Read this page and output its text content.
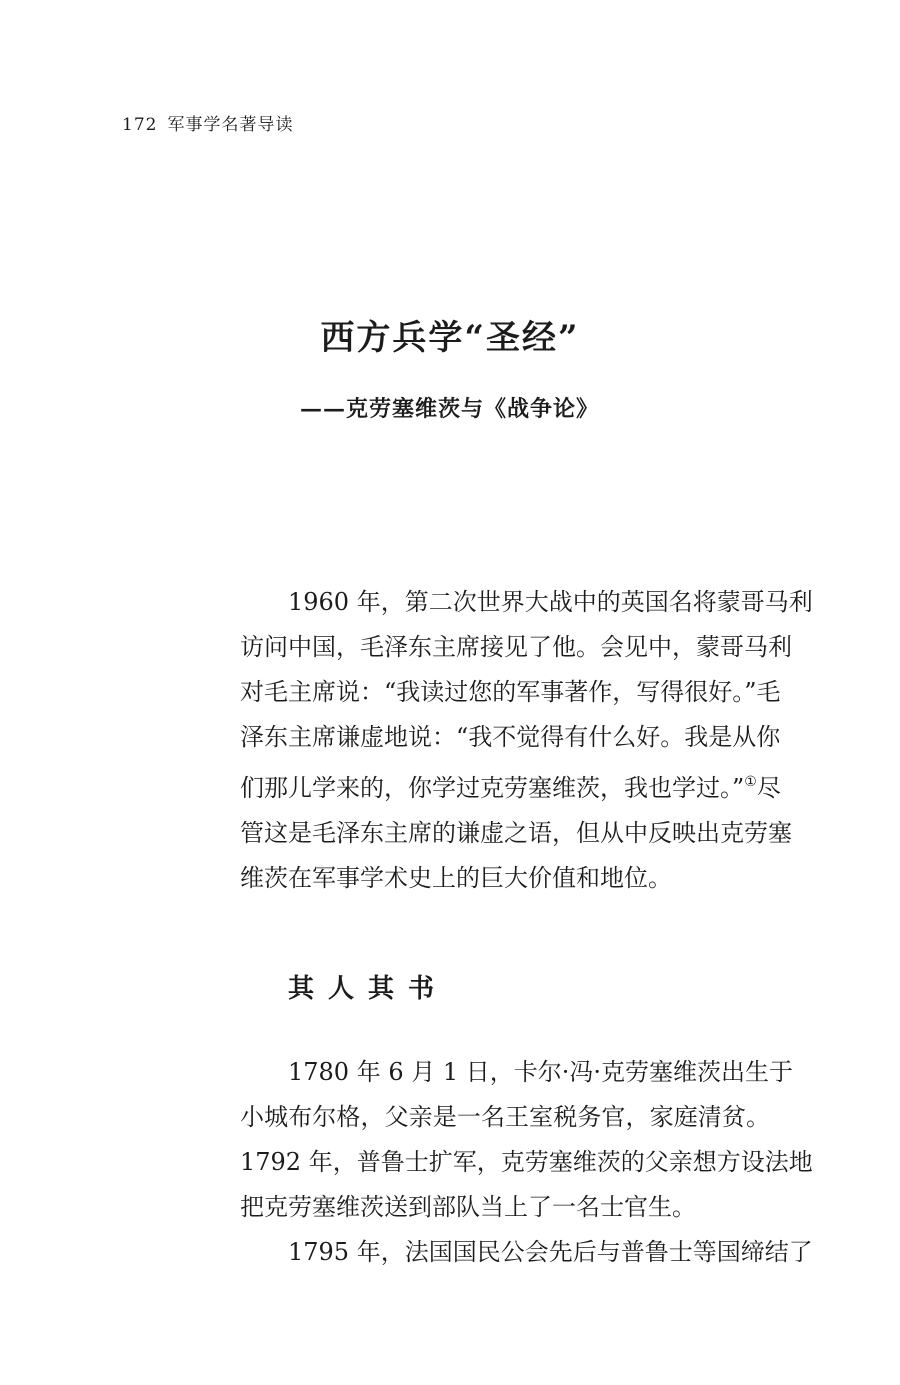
172 军事学名著导读
西方兵学“圣经”
——克劳塞维茨与《战争论》

1960 年，第二次世界大战中的英国名将蒙哥马利
访问中国，毛泽东主席接见了他。会见中，蒙哥马利
对毛主席说：“我读过您的军事著作，写得很好。”毛
泽东主席谦虚地说：“我不觉得有什么好。我是从你
们那儿学来的，你学过克劳塞维茨，我也学过。”①尽
管这是毛泽东主席的谦虚之语，但从中反映出克劳塞
维茨在军事学术史上的巨大价值和地位。

其人其书

1780 年 6 月 1 日，卡尔·冯·克劳塞维茨出生于
小城布尔格，父亲是一名王室税务官，家庭清贫。
1792 年，普鲁士扩军，克劳塞维茨的父亲想方设法地
把克劳塞维茨送到部队当上了一名士官生。

1795 年，法国国民公会先后与普鲁士等国缔结了
